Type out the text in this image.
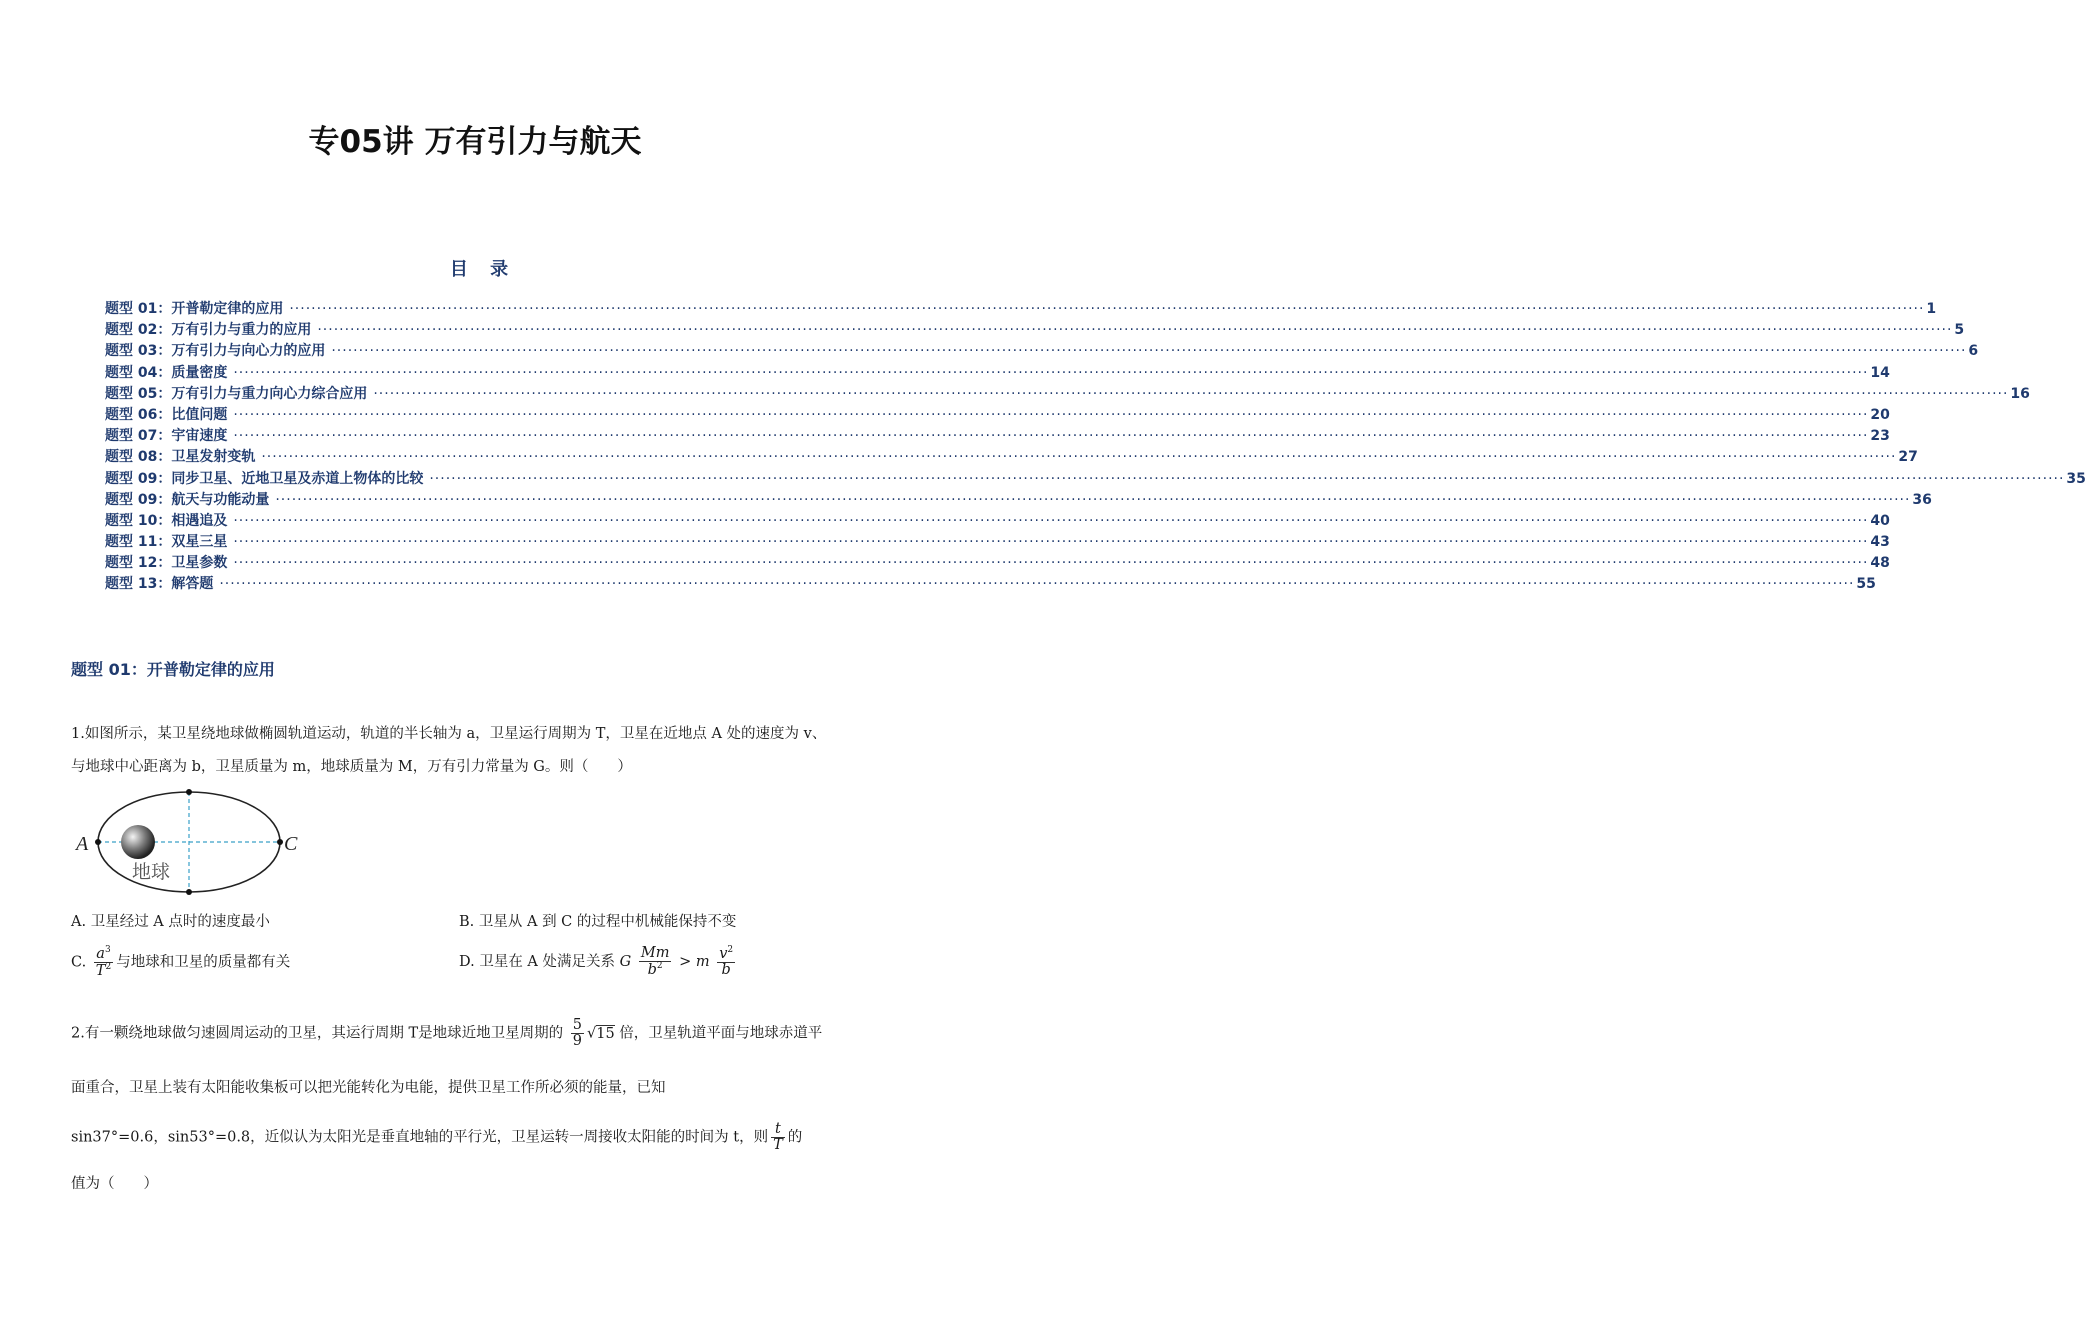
专05讲 万有引力与航天
目 录
题型 01：开普勒定律的应用 ············································································································································································································································································································ 1
题型 02：万有引力与重力的应用 ············································································································································································································································································································ 5
题型 03：万有引力与向心力的应用 ············································································································································································································································································································ 6
题型 04：质量密度 ············································································································································································································································································································ 14
题型 05：万有引力与重力向心力综合应用 ············································································································································································································································································································ 16
题型 06：比值问题 ············································································································································································································································································································ 20
题型 07：宇宙速度 ············································································································································································································································································································ 23
题型 08：卫星发射变轨 ············································································································································································································································································································ 27
题型 09：同步卫星、近地卫星及赤道上物体的比较 ············································································································································································································································································································ 35
题型 09：航天与功能动量 ············································································································································································································································································································ 36
题型 10：相遇追及 ············································································································································································································································································································ 40
题型 11：双星三星 ············································································································································································································································································································ 43
题型 12：卫星参数 ············································································································································································································································································································ 48
题型 13：解答题 ············································································································································································································································································································ 55
题型 01：开普勒定律的应用
1.如图所示，某卫星绕地球做椭圆轨道运动，轨道的半长轴为 a，卫星运行周期为 T，卫星在近地点 A 处的速度为 v、
与地球中心距离为 b，卫星质量为 m，地球质量为 M，万有引力常量为 G。则（　　）
A	C
地球
A. 卫星经过 A 点时的速度最小	B. 卫星从 A 到 C 的过程中机械能保持不变
C. $\frac{a^3}{T^2}$ 与地球和卫星的质量都有关	D. 卫星在 A 处满足关系 G $\frac{Mm}{b^2} > m \frac{v^2}{b}$
2.有一颗绕地球做匀速圆周运动的卫星，其运行周期 T是地球近地卫星周期的 $\frac{5}{9} √15$ 倍，卫星轨道平面与地球赤道平
面重合，卫星上装有太阳能收集板可以把光能转化为电能，提供卫星工作所必须的能量，已知
sin37°=0.6，sin53°=0.8，近似认为太阳光是垂直地轴的平行光，卫星运转一周接收太阳能的时间为 t，则 $\frac{t}{T}$ 的
值为（　　）
